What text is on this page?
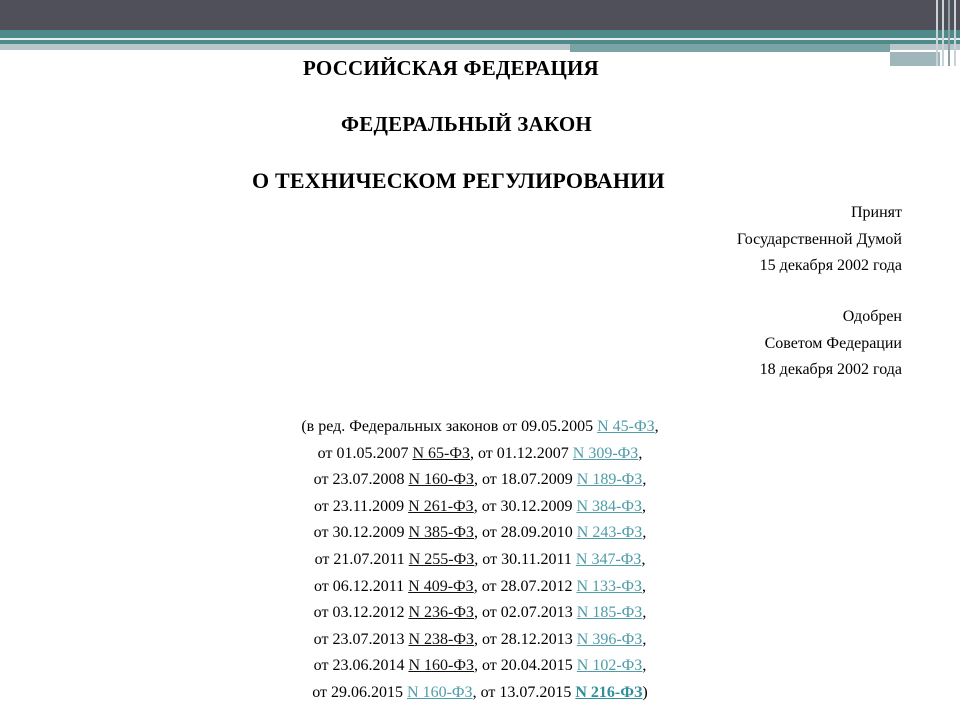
РОССИЙСКАЯ ФЕДЕРАЦИЯ
ФЕДЕРАЛЬНЫЙ ЗАКОН
О ТЕХНИЧЕСКОМ РЕГУЛИРОВАНИИ

Принят
Государственной Думой
15 декабря 2002 года

Одобрен
Советом Федерации
18 декабря 2002 года

(в ред. Федеральных законов от 09.05.2005 N 45-ФЗ,
от 01.05.2007 N 65-ФЗ, от 01.12.2007 N 309-ФЗ,
от 23.07.2008 N 160-ФЗ, от 18.07.2009 N 189-ФЗ,
от 23.11.2009 N 261-ФЗ, от 30.12.2009 N 384-ФЗ,
от 30.12.2009 N 385-ФЗ, от 28.09.2010 N 243-ФЗ,
от 21.07.2011 N 255-ФЗ, от 30.11.2011 N 347-ФЗ,
от 06.12.2011 N 409-ФЗ, от 28.07.2012 N 133-ФЗ,
от 03.12.2012 N 236-ФЗ, от 02.07.2013 N 185-ФЗ,
от 23.07.2013 N 238-ФЗ, от 28.12.2013 N 396-ФЗ,
от 23.06.2014 N 160-ФЗ, от 20.04.2015 N 102-ФЗ,
от 29.06.2015 N 160-ФЗ, от 13.07.2015 N 216-ФЗ)
